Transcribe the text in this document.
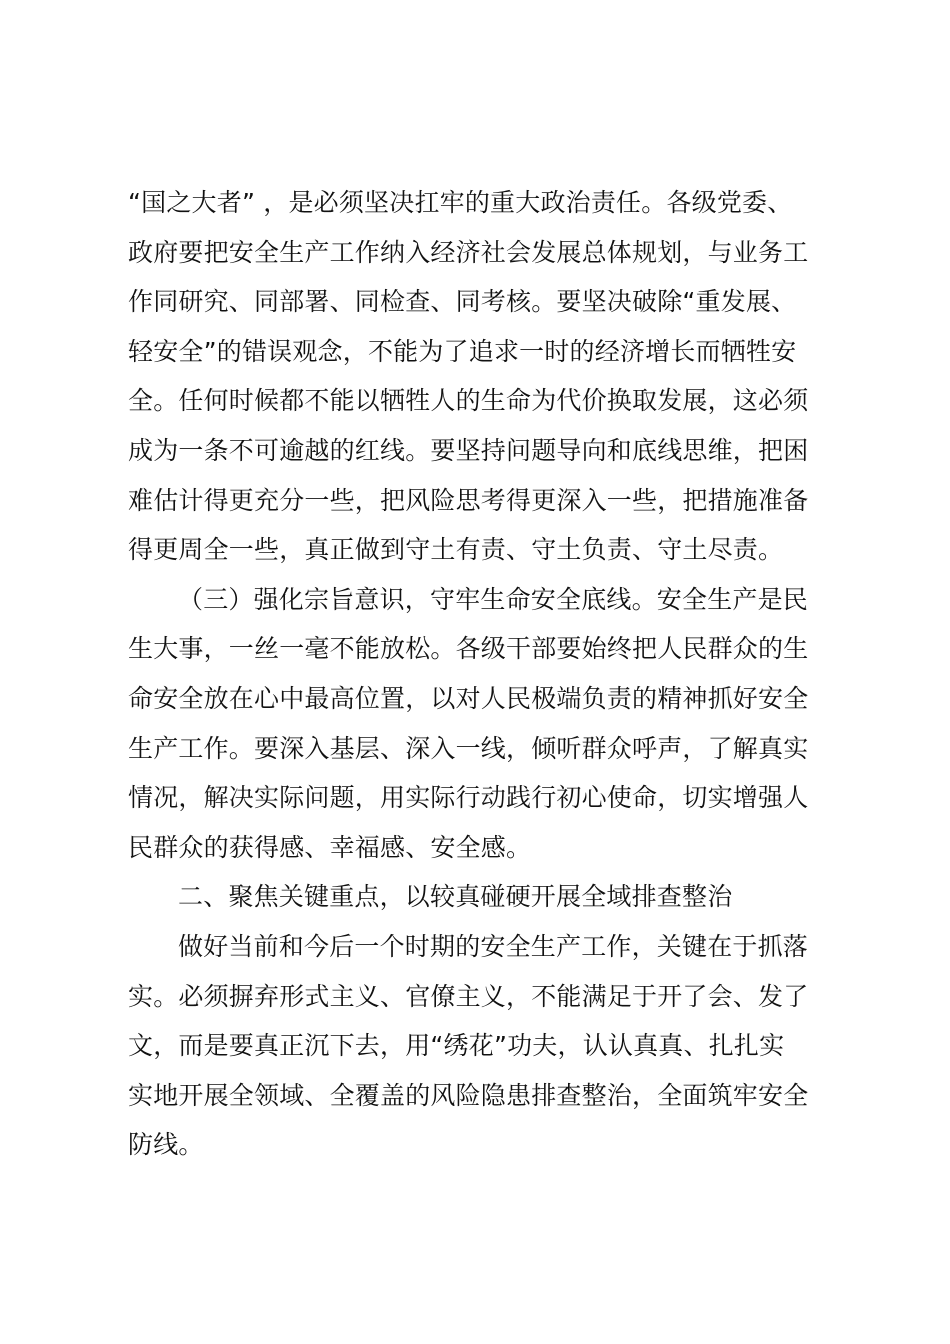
“国之大者” ，是必须坚决扛牢的重大政治责任。各级党委、
政府要把安全生产工作纳入经济社会发展总体规划，与业务工
作同研究、同部署、同检查、同考核。要坚决破除“重发展、
轻安全”的错误观念，不能为了追求一时的经济增长而牺牲安
全。任何时候都不能以牺牲人的生命为代价换取发展，这必须
成为一条不可逾越的红线。要坚持问题导向和底线思维，把困
难估计得更充分一些，把风险思考得更深入一些，把措施准备
得更周全一些，真正做到守土有责、守土负责、守土尽责。
（三）强化宗旨意识，守牢生命安全底线。安全生产是民
生大事，一丝一毫不能放松。各级干部要始终把人民群众的生
命安全放在心中最高位置，以对人民极端负责的精神抓好安全
生产工作。要深入基层、深入一线，倾听群众呼声，了解真实
情况，解决实际问题，用实际行动践行初心使命，切实增强人
民群众的获得感、幸福感、安全感。
二、聚焦关键重点，以较真碰硬开展全域排查整治
做好当前和今后一个时期的安全生产工作，关键在于抓落
实。必须摒弃形式主义、官僚主义，不能满足于开了会、发了
文，而是要真正沉下去，用“绣花”功夫，认认真真、扎扎实
实地开展全领域、全覆盖的风险隐患排查整治，全面筑牢安全
防线。
